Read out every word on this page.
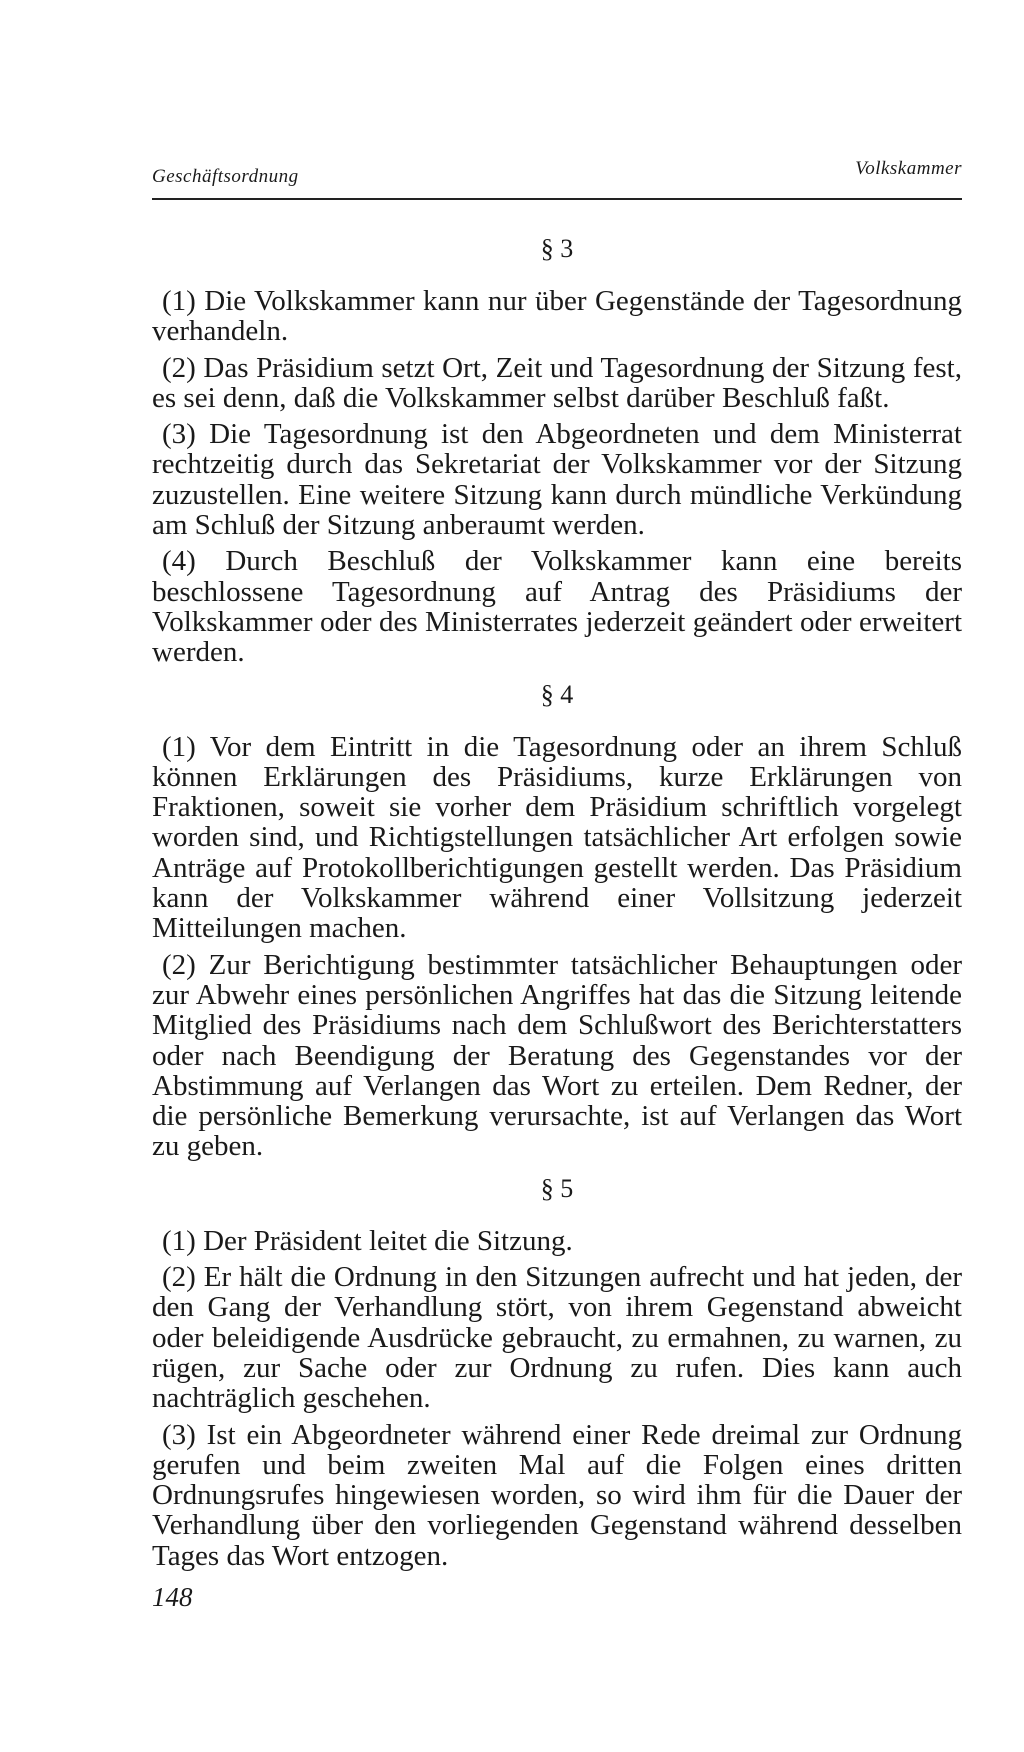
Geschäftsordnung	Volkskammer
§ 3

(1) Die Volkskammer kann nur über Gegenstände der Tagesordnung verhandeln.

(2) Das Präsidium setzt Ort, Zeit und Tagesordnung der Sitzung fest, es sei denn, daß die Volkskammer selbst darüber Beschluß faßt.

(3) Die Tagesordnung ist den Abgeordneten und dem Ministerrat rechtzeitig durch das Sekretariat der Volkskammer vor der Sitzung zuzustellen. Eine weitere Sitzung kann durch mündliche Verkündung am Schluß der Sitzung anberaumt werden.

(4) Durch Beschluß der Volkskammer kann eine bereits beschlossene Tagesordnung auf Antrag des Präsidiums der Volkskammer oder des Ministerrates jederzeit geändert oder erweitert werden.

§ 4

(1) Vor dem Eintritt in die Tagesordnung oder an ihrem Schluß können Erklärungen des Präsidiums, kurze Erklärungen von Fraktionen, soweit sie vorher dem Präsidium schriftlich vorgelegt worden sind, und Richtigstellungen tatsächlicher Art erfolgen sowie Anträge auf Protokollberichtigungen gestellt werden. Das Präsidium kann der Volkskammer während einer Vollsitzung jederzeit Mitteilungen machen.

(2) Zur Berichtigung bestimmter tatsächlicher Behauptungen oder zur Abwehr eines persönlichen Angriffes hat das die Sitzung leitende Mitglied des Präsidiums nach dem Schlußwort des Berichterstatters oder nach Beendigung der Beratung des Gegenstandes vor der Abstimmung auf Verlangen das Wort zu erteilen. Dem Redner, der die persönliche Bemerkung verursachte, ist auf Verlangen das Wort zu geben.

§ 5

(1) Der Präsident leitet die Sitzung.

(2) Er hält die Ordnung in den Sitzungen aufrecht und hat jeden, der den Gang der Verhandlung stört, von ihrem Gegenstand abweicht oder beleidigende Ausdrücke gebraucht, zu ermahnen, zu warnen, zu rügen, zur Sache oder zur Ordnung zu rufen. Dies kann auch nachträglich geschehen.

(3) Ist ein Abgeordneter während einer Rede dreimal zur Ordnung gerufen und beim zweiten Mal auf die Folgen eines dritten Ordnungsrufes hingewiesen worden, so wird ihm für die Dauer der Verhandlung über den vorliegenden Gegenstand während desselben Tages das Wort entzogen.

148
